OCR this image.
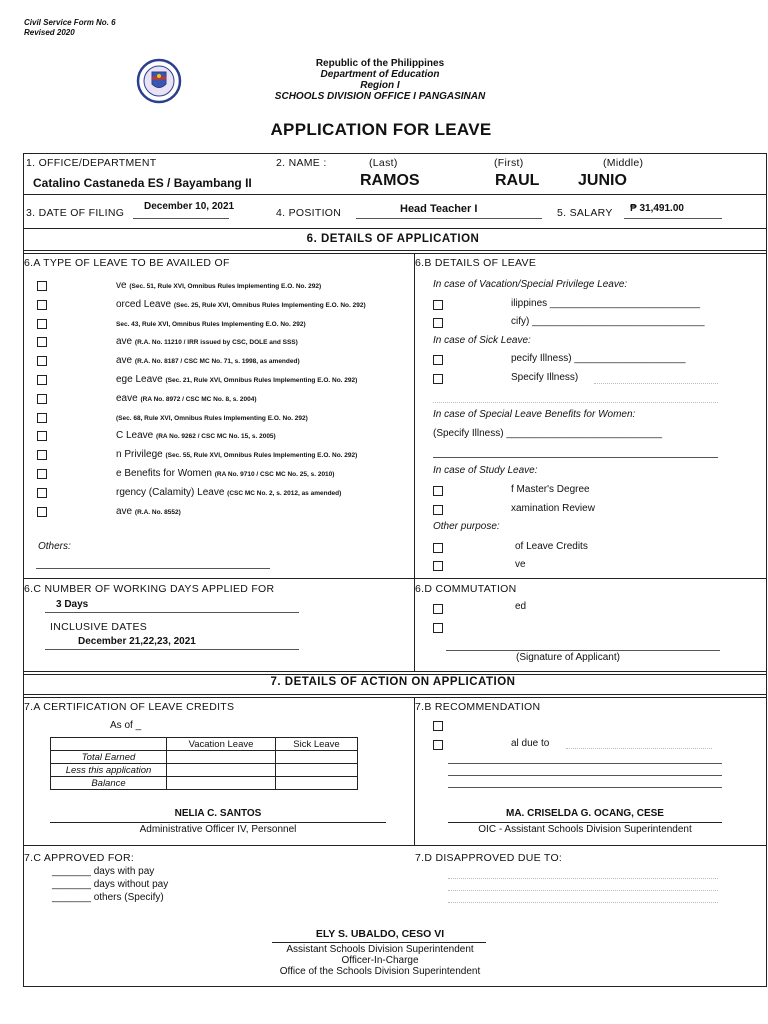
Civil Service Form No. 6
Revised 2020
Republic of the Philippines
Department of Education
Region I
SCHOOLS DIVISION OFFICE I PANGASINAN
APPLICATION FOR LEAVE
1. OFFICE/DEPARTMENT
Catalino Castaneda ES / Bayambang II
2. NAME :	(Last)	(First)	(Middle)
RAMOS	RAUL JUNIO
3. DATE OF FILING
December 10, 2021
4. POSITION	Head Teacher I	5. SALARY ₱ 31,491.00
6. DETAILS OF APPLICATION
6.A TYPE OF LEAVE TO BE AVAILED OF
ve (Sec. 51, Rule XVI, Omnibus Rules Implementing E.O. No. 292)
orced Leave (Sec. 25, Rule XVI, Omnibus Rules Implementing E.O. No. 292)
Sec. 43, Rule XVI, Omnibus Rules Implementing E.O. No. 292)
ave (R.A. No. 11210 / IRR issued by CSC, DOLE and SSS)
ave (R.A. No. 8187 / CSC MC No. 71, s. 1998, as amended)
ege Leave (Sec. 21, Rule XVI, Omnibus Rules Implementing E.O. No. 292)
eave (RA No. 8972 / CSC MC No. 8, s. 2004)
(Sec. 68, Rule XVI, Omnibus Rules Implementing E.O. No. 292)
C Leave (RA No. 9262 / CSC MC No. 15, s. 2005)
n Privilege (Sec. 55, Rule XVI, Omnibus Rules Implementing E.O. No. 292)
e Benefits for Women (RA No. 9710 / CSC MC No. 25, s. 2010)
rgency (Calamity) Leave (CSC MC No. 2, s. 2012, as amended)
ave (R.A. No. 8552)
Others:
6.B DETAILS OF LEAVE
In case of Vacation/Special Privilege Leave:
ilippines ___________________________
cify) _______________________________
In case of Sick Leave:
pecify Illness) ____________________
Specify Illness)
In case of Special Leave Benefits for Women:
(Specify Illness) ____________________________
In case of Study Leave:
f Master's Degree
xamination Review
Other purpose:
of Leave Credits
ve
6.C NUMBER OF WORKING DAYS APPLIED FOR
3 Days
INCLUSIVE DATES
December 21,22,23, 2021
6.D COMMUTATION
ed
(Signature of Applicant)
7. DETAILS OF ACTION ON APPLICATION
7.A CERTIFICATION OF LEAVE CREDITS
As of _
	Vacation Leave	Sick Leave
Total Earned		
Less this application		
Balance		
NELIA C. SANTOS
Administrative Officer IV, Personnel
7.B RECOMMENDATION
al due to
MA. CRISELDA G. OCANG, CESE
OIC - Assistant Schools Division Superintendent
7.C APPROVED FOR:
_______ days with pay
_______ days without pay
_______ others (Specify)
7.D DISAPPROVED DUE TO:
ELY S. UBALDO, CESO VI
Assistant Schools Division Superintendent
Officer-In-Charge
Office of the Schools Division Superintendent
